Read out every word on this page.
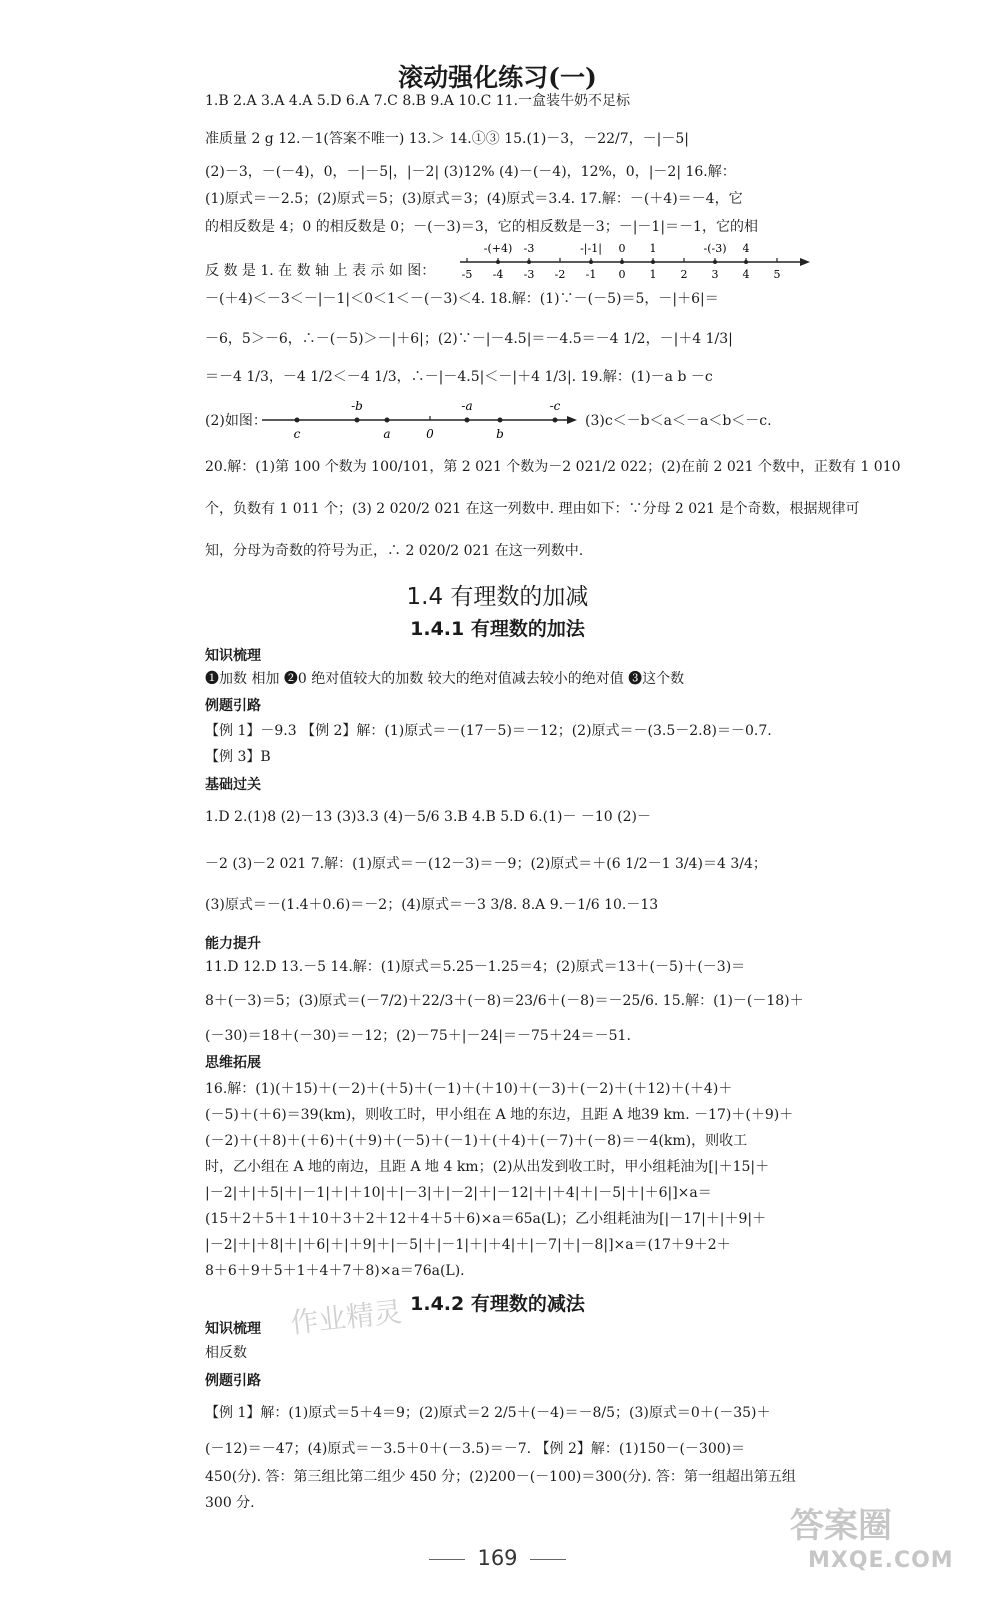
滚动强化练习(一)
1.B 2.A 3.A 4.A 5.D 6.A 7.C 8.B 9.A 10.C 11.一盒装牛奶不足标
准质量 2 g 12.－1(答案不唯一) 13.＞ 14.①③ 15.(1)－3，－22/7，－|－5|
(2)－3，－(－4)，0，－|－5|，|－2| (3)12% (4)－(－4)，12%，0，|－2| 16.解：
(1)原式＝－2.5；(2)原式＝5；(3)原式＝3；(4)原式＝3.4. 17.解：－(＋4)＝－4，它
的相反数是 4；0 的相反数是 0；－(－3)＝3，它的相反数是－3；－|－1|＝－1，它的相
反 数 是 1. 在 数 轴 上 表 示 如 图：	-5 -4 -3 -2 -1 0 1 2 3 4 5
-(+4) -3	-|-1| 0 1	-(-3) 4
－(＋4)＜－3＜－|－1|＜0＜1＜－(－3)＜4. 18.解：(1)∵－(－5)＝5，－|＋6|＝
－6，5＞－6，∴－(－5)＞－|＋6|；(2)∵－|－4.5|＝－4.5＝－4 1/2，－|＋4 1/3|
＝－4 1/3，－4 1/2＜－4 1/3，∴－|－4.5|＜－|＋4 1/3|. 19.解：(1)－a b －c
(2)如图：
c
-b
a	0
-a
b
-c
(3)c＜－b＜a＜－a＜b＜－c.
20.解：(1)第 100 个数为 100/101，第 2 021 个数为－2 021/2 022；(2)在前 2 021 个数中，正数有 1 010
个，负数有 1 011 个；(3) 2 020/2 021 在这一列数中. 理由如下：∵分母 2 021 是个奇数，根据规律可
知，分母为奇数的符号为正，∴ 2 020/2 021 在这一列数中.
1.4 有理数的加减
1.4.1 有理数的加法
知识梳理
❶加数 相加 ❷0 绝对值较大的加数 较大的绝对值减去较小的绝对值 ❸这个数
例题引路
【例 1】－9.3 【例 2】解：(1)原式＝－(17－5)＝－12；(2)原式＝－(3.5－2.8)＝－0.7.
【例 3】B
基础过关
1.D 2.(1)8 (2)－13 (3)3.3 (4)－5/6 3.B 4.B 5.D 6.(1)－ －10 (2)－
－2 (3)－2 021 7.解：(1)原式＝－(12－3)＝－9；(2)原式＝＋(6 1/2－1 3/4)＝4 3/4；
(3)原式＝－(1.4＋0.6)＝－2；(4)原式＝－3 3/8. 8.A 9.－1/6 10.－13
能力提升
11.D 12.D 13.－5 14.解：(1)原式＝5.25－1.25＝4；(2)原式＝13＋(－5)＋(－3)＝
8＋(－3)＝5；(3)原式＝(－7/2)＋22/3＋(－8)＝23/6＋(－8)＝－25/6. 15.解：(1)－(－18)＋
(－30)＝18＋(－30)＝－12；(2)－75＋|－24|＝－75＋24＝－51.
思维拓展
16.解：(1)(＋15)＋(－2)＋(＋5)＋(－1)＋(＋10)＋(－3)＋(－2)＋(＋12)＋(＋4)＋
(－5)＋(＋6)＝39(km)，则收工时，甲小组在 A 地的东边，且距 A 地39 km. －17)＋(＋9)＋
(－2)＋(＋8)＋(＋6)＋(＋9)＋(－5)＋(－1)＋(＋4)＋(－7)＋(－8)＝－4(km)，则收工
时，乙小组在 A 地的南边，且距 A 地 4 km；(2)从出发到收工时，甲小组耗油为[|＋15|＋
|－2|＋|＋5|＋|－1|＋|＋10|＋|－3|＋|－2|＋|－12|＋|＋4|＋|－5|＋|＋6|]×a＝
(15＋2＋5＋1＋10＋3＋2＋12＋4＋5＋6)×a＝65a(L)；乙小组耗油为[|－17|＋|＋9|＋
|－2|＋|＋8|＋|＋6|＋|＋9|＋|－5|＋|－1|＋|＋4|＋|－7|＋|－8|]×a＝(17＋9＋2＋
8＋6＋9＋5＋1＋4＋7＋8)×a＝76a(L).
1.4.2 有理数的减法
知识梳理
相反数
例题引路
【例 1】解：(1)原式＝5＋4＝9；(2)原式＝2 2/5＋(－4)＝－8/5；(3)原式＝0＋(－35)＋
(－12)＝－47；(4)原式＝－3.5＋0＋(－3.5)＝－7. 【例 2】解：(1)150－(－300)＝
450(分). 答：第三组比第二组少 450 分；(2)200－(－100)＝300(分). 答：第一组超出第五组
300 分.
作业精灵
答案圈
MXQE.COM
169
